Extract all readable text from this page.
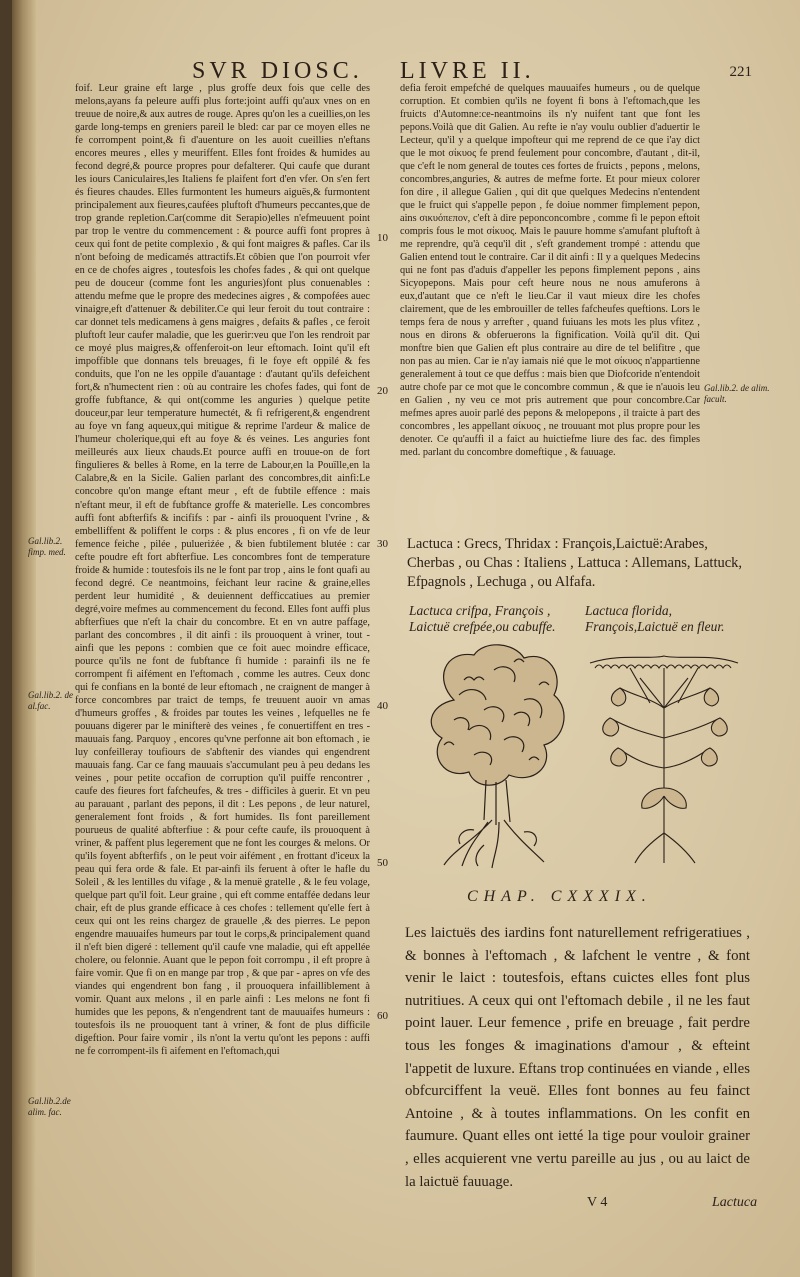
SVR DIOSC. LIVRE II.	221

foif. Leur graine eft large , plus groffe deux fois que celle des melons,ayans fa peleure auffi plus forte:joint auffi qu'aux vnes on en treuue de noire,& aux autres de rouge. Apres qu'on les a cueillies,on les garde long-temps en greniers pareil le bled: car par ce moyen elles ne fe corrompent point,& fi d'auenture on les auoit cueillies n'eftans encores meures , elles y meuriffent. Elles font froides & humides au fecond degré,& pource propres pour defalterer. Qui caufe que durant les iours Caniculaires,les Italiens fe plaifent fort d'en vfer. On s'en fert és fieures chaudes. Elles furmontent les humeurs aiguës,& furmontent principalement aux fieures,caufées pluftoft d'humeurs peccantes,que de trop grande repletion.Car(comme dit Serapio)elles n'efmeuuent point par trop le ventre du commencement : & pource auffi font propres à ceux qui font de petite complexio , & qui font maigres & pafles. Car ils n'ont befoing de medicamés attractifs.Et côbien que l'on pourroit vfer en ce de chofes aigres , toutesfois les chofes fades , & qui ont quelque peu de douceur (comme font les anguries)font plus conuenables : attendu mefme que le propre des medecines aigres , & compofées auec vinaigre,eft d'attenuer & debiliter.Ce qui leur feroit du tout contraire : car donnet tels medicamens à gens maigres , defaits & pafles , ce feroit pluftoft leur caufer maladie, que les guerir:veu que l'on les rendroit par ce moyé plus maigres,& offenferoit-on leur eftomach. Ioint qu'il eft impoffible que donnans tels breuages, fi le foye eft oppilé & fes conduits, que l'on ne les oppile d'auantage : d'autant qu'ils defeichent fort,& n'humectent rien : où au contraire les chofes fades, qui font de groffe fubftance, & qui ont(comme les anguries ) quelque petite douceur,par leur temperature humectét, & fi refrigerent,& engendrent au foye vn fang aqueux,qui mitigue & reprime l'ardeur & malice de l'humeur cholerique,qui eft au foye & és veines. Les anguries font meilleurés aux lieux chauds.Et pource auffi en trouue-on de fort fingulieres & belles à Rome, en la terre de Labour,en la Pouïlle,en la Calabre,& en la Sicile. Galien parlant des concombres,dit ainfi:Le concobre qu'on mange eftant meur , eft de fubtile effence : mais n'eftant meur, il eft de fubftance groffe & materielle. Les concombres auffi font abfterfifs & incififs : par - ainfi ils prouoquent l'vrine , & embelliffent & poliffent le corps : & plus encores , fi on vfe de leur femence feiche , pilée , pulueriźée , & bien fubtilement blutée : car cefte poudre eft fort abfterfiue. Les concombres font de temperature froide & humide : toutesfois ils ne le font par trop , ains le font quafi au fecond degré. Ce neantmoins, feichant leur racine & graine,elles perdent leur humidité , & deuiennent defficcatiues au premier degré,voire mefmes au commencement du fecond. Elles font auffi plus abfterfiues que n'eft la chair du concombre. Et en vn autre paffage, parlant des concombres , il dit ainfi : ils prouoquent à vriner, tout - ainfi que les pepons : combien que ce foit auec moindre efficace, pource qu'ils ne font de fubftance fi humide : parainfi ils ne fe corrompent fi aifément en l'eftomach , comme les autres. Ceux donc qui fe confians en la bonté de leur eftomach , ne craignent de manger à force concombres par traict de temps, fe treuuent auoir vn amas d'humeurs groffes , & froides par toutes les veines , lefquelles ne fe pouuans digerer par le minifterè des veines , fe conuertiffent en tres - mauuais fang. Parquoy , encores qu'vne perfonne ait bon eftomach , ie luy confeilleray toufiours de s'abftenir des viandes qui engendrent mauuais fang. Car ce fang mauuais s'accumulant peu à peu dedans les veines , pour petite occafion de corruption qu'il puiffe rencontrer , caufe des fieures fort fafcheufes, & tres - difficiles à guerir. Et vn peu au parauant , parlant des pepons, il dit : Les pepons , de leur naturel, generalement font froids , & fort humides. Ils font pareillement pourueus de qualité abfterfiue : & pour cefte caufe, ils prouoquent à vriner, & paffent plus legerement que ne font les courges & melons. Or qu'ils foyent abfterfifs , on le peut voir aifément , en frottant d'iceux la peau qui fera orde & fale. Et par-ainfi ils feruent à ofter le hafle du Soleil , & les lentilles du vifage , & la menuë gratelle , & le feu volage, quelque part qu'il foit. Leur graine , qui eft comme entaffée dedans leur chair, eft de plus grande efficace à ces chofes : tellement qu'elle fert à ceux qui ont les reins chargez de grauelle ,& des pierres. Le pepon engendre mauuaifes humeurs par tout le corps,& principalement quand il n'eft bien digeré : tellement qu'il caufe vne maladie, qui eft appellée cholere, ou felonnie. Auant que le pepon foit corrompu , il eft propre à faire vomir. Que fi on en mange par trop , & que par - apres on vfe des viandes qui engendrent bon fang , il prouoquera infailliblement à vomir. Quant aux melons , il en parle ainfi : Les melons ne font fi humides que les pepons, & n'engendrent tant de mauuaifes humeurs : toutesfois ils ne prouoquent tant à vriner, & font de plus difficile digeftion. Pour faire vomir , ils n'ont la vertu qu'ont les pepons : auffi ne fe corrompent-ils fi aifement en l'eftomach,qui

defia feroit empefché de quelques mauuaifes humeurs , ou de quelque corruption. Et combien qu'ils ne foyent fi bons à l'eftomach,que les fruicts d'Automne:ce-neantmoins ils n'y nuifent tant que font les pepons.Voilà que dit Galien. Au refte ie n'ay voulu oublier d'aduertir le Lecteur, qu'il y a quelque impofteur qui me reprend de ce que i'ay dict que le mot σίκυος fe prend feulement pour concombre, d'autant , dit-il, que c'eft le nom general de toutes ces fortes de fruicts , pepons , melons, concombres,anguries, & autres de mefme forte. Et pour mieux colorer fon dire , il allegue Galien , qui dit que quelques Medecins n'entendent que le fruict qui s'appelle pepon , fe doiue nommer fimplement pepon, ains σικυόπεπον, c'eft à dire peponconcombre , comme fi le pepon eftoit compris fous le mot σίκυος. Mais le pauure homme s'amufant pluftoft à me reprendre, qu'à cequ'il dit , s'eft grandement trompé : attendu que Galien entend tout le contraire. Car il dit ainfi : Il y a quelques Medecins qui ne font pas d'aduis d'appeller les pepons fimplement pepons , ains Sicyopepons. Mais pour ceft heure nous ne nous amuferons à eux,d'autant que ce n'eft le lieu.Car il vaut mieux dire les chofes clairement, que de les embrouiller de telles fafcheufes queftions. Lors le temps fera de nous y arrefter , quand fuiuans les mots les plus vfitez , nous en dirons & obferuerons la fignification. Voilà qu'il dit. Qui monftre bien que Galien eft plus contraire au dire de tel belifitre , que non pas au mien. Car ie n'ay iamais nié que le mot σίκυος n'appartienne generalement à tout ce que deffus : mais bien que Diofcoride n'entendoit autre chofe par ce mot que le concombre commun , & que ie n'auois leu en Galien , ny veu ce mot pris autrement que pour concombre.Car mefmes apres auoir parlé des pepons & melopepons , il traicte à part des concombres , les appellant σίκυος , ne trouuant mot plus propre pour les denoter. Ce qu'auffi il a faict au huictiefme liure des fac. des fimples med. parlant du concombre domeftique , & fauuage.

10
20
30
40
50
60
Gal.lib.2. de alim. facult.
Gal.lib.2. fimp. med.
Gal.lib.2. de al.fac.
Gal.lib.2.de alim. fac.
Lactuca : Grecs, Thridax : François,Laictuë:Arabes, Cherbas , ou Chas : Italiens , Lattuca : Allemans, Lattuck, Efpagnols , Lechuga , ou Alfafa.
Lactuca crifpa, François , Laictuë crefpée,ou cabuffe.
Lactuca florida, François,Laictuë en fleur.
CHAP. CXXXIX.
Les laictuës des iardins font naturellement refrigeratiues , & bonnes à l'eftomach , & lafchent le ventre , & font venir le laict : toutesfois, eftans cuictes elles font plus nutritiues. A ceux qui ont l'eftomach debile , il ne les faut point lauer. Leur femence , prife en breuage , fait perdre tous les fonges & imaginations d'amour , & efteint l'appetit de luxure. Eftans trop continuées en viande , elles obfcurciffent la veuë. Elles font bonnes au feu fainct Antoine , & à toutes inflammations. On les confit en faumure. Quant elles ont ietté la tige pour vouloir grainer , elles acquierent vne vertu pareille au jus , ou au laict de la laictuë fauuage.
V 4	Lactuca
